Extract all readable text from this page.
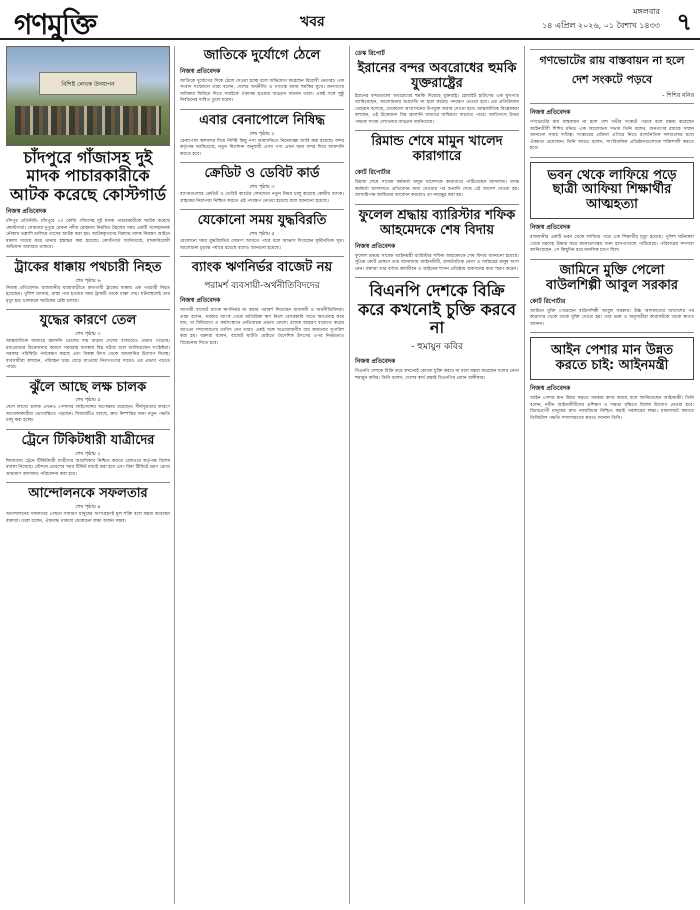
গণমুক্তি	খবর
মঙ্গলবার
১৪ এপ্রিল ২০২৬, ০১ বৈশাখ ১৪৩৩ ৭
বিশিষ্ট লেখক উদযাপন
চাঁদপুরে গাঁজাসহ দুই মাদক পাচারকারীকে আটক করেছে কোস্টগার্ড
নিজস্ব প্রতিবেদক

চাঁদপুর প্রতিনিধি: চাঁদপুরে ১০ কেজি গাঁজাসহ দুই মাদক পাচারকারীকে আটক করেছে কোস্টগার্ড। সোমবার দুপুরে মেঘনা নদীর মোহনায় নিয়মিত টহলের সময় একটি সন্দেহজনক নৌকায় তল্লাশি চালিয়ে তাদের আটক করা হয়। আটককৃতদের বিরুদ্ধে মাদক নিয়ন্ত্রণ আইনে মামলা দায়ের করে থানায় হস্তান্তর করা হয়েছে। কোস্টগার্ড জানিয়েছে, মাদকবিরোধী অভিযান অব্যাহত থাকবে।

ট্রাকের ধাক্কায় পথচারী নিহত
শেষ পৃষ্ঠায় ৬

নিজস্ব প্রতিবেদক: রাজধানীর যাত্রাবাড়ীতে দ্রুতগামী ট্রাকের ধাক্কায় এক পথচারী নিহত হয়েছেন। পুলিশ জানায়, রাস্তা পার হওয়ার সময় ট্রাকটি তাকে ধাক্কা দেয়। ঘটনাস্থলেই তার মৃত্যু হয়। চালককে আটকের চেষ্টা চলছে।

যুদ্ধের কারণে তেল
শেষ পৃষ্ঠায় ৩

আন্তর্জাতিক বাজারে জ্বালানি তেলের দাম বাড়ায় দেশের বাজারেও প্রভাব পড়েছে। মধ্যপ্রাচ্যের উত্তেজনার কারণে সরবরাহ ব্যবস্থায় বিঘ্ন ঘটছে বলে জানিয়েছেন সংশ্লিষ্টরা। সরকার পরিস্থিতি পর্যবেক্ষণ করছে এবং বিকল্প উৎস থেকে আমদানির উদ্যোগ নিচ্ছে। ব্যবসায়ীরা বলছেন, পরিবহন খরচ বেড়ে যাওয়ায় নিত্যপণ্যের দামেও এর প্রভাব পড়তে পারে।

ঝুঁলে আছে লক্ষ চালক
শেষ পৃষ্ঠায় ৫

দেশে লাখো চালক এখনও পেশাদার লাইসেন্সের অপেক্ষায় রয়েছেন। দীর্ঘসূত্রতার কারণে আবেদনকারীরা ভোগান্তিতে পড়ছেন। বিআরটিএ বলছে, দ্রুত নিষ্পত্তির জন্য নতুন পদ্ধতি চালু করা হচ্ছে।

ট্রেনে টিকিটধারী যাত্রীদের
শেষ পৃষ্ঠায় ২

ঈদযাত্রায় ট্রেনে টিকিটধারী যাত্রীদের অগ্রাধিকার নিশ্চিত করতে রেলওয়ে কর্তৃপক্ষ বিশেষ ব্যবস্থা নিয়েছে। স্টেশনে প্রবেশের সময় টিকিট যাচাই করা হবে এবং বিনা টিকিটে ভ্রমণ রোধে ভ্রাম্যমাণ আদালত পরিচালনা করা হবে।

আন্দোলনকে সফলতার
শেষ পৃষ্ঠায় ৪

আন্দোলনের সফলতার পেছনে সাধারণ মানুষের অংশগ্রহণই মূল শক্তি বলে মন্তব্য করেছেন বক্তারা। তারা বলেন, ঐক্যবদ্ধ থাকলে যেকোনো লক্ষ্য অর্জন সম্ভব।

জাতিকে দুর্যোগে ঠেলে
নিজস্ব প্রতিবেদক

জাতিকে দুর্যোগের দিকে ঠেলে দেওয়া হচ্ছে বলে অভিযোগ করেছেন বিরোধী নেতারা। এক সংবাদ সম্মেলনে তারা বলেন, দেশের অর্থনীতি ও গণতন্ত্র আজ হুমকির মুখে। জনগণের অধিকার ফিরিয়ে দিতে সবাইকে ঐক্যবদ্ধ হওয়ার আহ্বান জানান তারা। একই সঙ্গে সুষ্ঠু নির্বাচনের দাবিও তুলে ধরেন।

এবার বেনাপোলে নিষিদ্ধ
শেষ পৃষ্ঠায় ২

বেনাপোল স্থলবন্দর দিয়ে নির্দিষ্ট কিছু পণ্য আমদানিতে নিষেধাজ্ঞা জারি করা হয়েছে। বন্দর কর্তৃপক্ষ জানিয়েছে, নতুন নির্দেশনা অনুযায়ী এসব পণ্য এখন অন্য বন্দর দিয়ে আমদানি করতে হবে।

ক্রেডিট ও ডেবিট কার্ড
শেষ পৃষ্ঠায় ৩

ব্যাংকগুলোর ক্রেডিট ও ডেবিট কার্ডের লেনদেনে নতুন নিয়ম চালু করেছে কেন্দ্রীয় ব্যাংক। গ্রাহকের নিরাপত্তা নিশ্চিত করতে এই পদক্ষেপ নেওয়া হয়েছে বলে জানানো হয়েছে।

যেকোনো সময় যুদ্ধবিরতি
শেষ পৃষ্ঠায় ৫

যেকোনো সময় যুদ্ধবিরতির ঘোষণা আসতে পারে বলে আভাস দিয়েছেন কূটনৈতিক সূত্র। আলোচনা চূড়ান্ত পর্যায়ে রয়েছে বলেও জানানো হয়েছে।

ব্যাংক ঋণনির্ভর বাজেট নয়
পরামর্শ ব্যবসায়ী-অর্থনীতিবিদদের
নিজস্ব প্রতিবেদক

আগামী বাজেট ব্যাংক ঋণনির্ভর না করার পরামর্শ দিয়েছেন ব্যবসায়ী ও অর্থনীতিবিদরা। তারা বলেন, সরকার ব্যাংক থেকে অতিরিক্ত ঋণ নিলে বেসরকারি খাতে ঋণপ্রবাহ কমে যায়, যা বিনিয়োগ ও কর্মসংস্থানে নেতিবাচক প্রভাব ফেলে। রাজস্ব আহরণ বাড়াতে করের আওতা সম্প্রসারণের তাগিদ দেন তারা। একই সঙ্গে অপ্রয়োজনীয় ব্যয় কমানোর সুপারিশ করা হয়। বক্তারা বলেন, বাজেট ঘাটতি মেটাতে বৈদেশিক উৎসের ওপর নির্ভরতাও বিবেচনায় নিতে হবে।

ডেস্ক রিপোর্ট
ইরানের বন্দর অবরোধের হুমকি যুক্তরাষ্ট্রের

ইরানের বন্দরগুলো অবরোধের হুমকি দিয়েছে যুক্তরাষ্ট্র। হোয়াইট হাউসের এক মুখপাত্র জানিয়েছেন, আলোচনায় অগ্রগতি না হলে কঠোর পদক্ষেপ নেওয়া হবে। এর প্রতিক্রিয়ায় তেহরান বলেছে, যেকোনো আগ্রাসনের উপযুক্ত জবাব দেওয়া হবে। আন্তর্জাতিক বিশ্লেষকরা বলছেন, এই উত্তেজনা বিশ্ব জ্বালানি বাজারে অস্থিরতা বাড়াতে পারে। জাতিসংঘ উভয় পক্ষকে সংযম দেখানোর আহ্বান জানিয়েছে।

রিমান্ড শেষে মামুন খালেদ কারাগারে
কোর্ট রিপোর্টার

রিমান্ড শেষে সাবেক কর্মকর্তা মামুন খালেদকে কারাগারে পাঠিয়েছেন আদালত। তদন্ত কর্মকর্তা আদালতে প্রতিবেদন জমা দেওয়ার পর শুনানি শেষে এই আদেশ দেওয়া হয়। আসামিপক্ষ জামিনের আবেদন করলেও তা নামঞ্জুর করা হয়।

ফুলেল শ্রদ্ধায় ব্যারিস্টার শফিক আহমেদকে শেষ বিদায়
নিজস্ব প্রতিবেদক

ফুলেল শ্রদ্ধায় সাবেক আইনমন্ত্রী ব্যারিস্টার শফিক আহমেদকে শেষ বিদায় জানানো হয়েছে। সুপ্রিম কোর্ট প্রাঙ্গণে তার জানাজায় আইনজীবী, রাজনৈতিক নেতা ও সর্বস্তরের মানুষ অংশ নেন। বক্তারা তার বর্ণাঢ্য কর্মজীবন ও আইনের শাসন প্রতিষ্ঠায় অবদানের কথা স্মরণ করেন।

বিএনপি দেশকে বিক্রি করে কখনোই চুক্তি করবে না
- হুমায়ুন কবির
নিজস্ব প্রতিবেদক

বিএনপি দেশকে বিক্রি করে কখনোই কোনো চুক্তি করবে না বলে মন্তব্য করেছেন দলের নেতা হুমায়ুন কবির। তিনি বলেন, দেশের স্বার্থ রক্ষাই বিএনপির প্রধান অঙ্গীকার।

গণভোটের রায় বাস্তবায়ন না হলে দেশ সংকটে পড়বে
- শিশির মনির
নিজস্ব প্রতিবেদক

গণভোটের রায় বাস্তবায়ন না হলে দেশ গভীর সংকটে পড়বে বলে মন্তব্য করেছেন আইনজীবী শিশির মনির। এক আলোচনা সভায় তিনি বলেন, জনগণের রায়কে সম্মান জানানো সবার দায়িত্ব। সংস্কারের প্রক্রিয়া এগিয়ে নিতে রাজনৈতিক দলগুলোর মধ্যে ঐকমত্য প্রয়োজন। তিনি আরও বলেন, সাংবিধানিক প্রতিষ্ঠানগুলোকে শক্তিশালী করতে হবে।

ভবন থেকে লাফিয়ে পড়ে ছাত্রী আফিয়া শিক্ষার্থীর আত্মহত্যা
নিজস্ব প্রতিবেদক

রাজধানীর একটি ভবন থেকে লাফিয়ে পড়ে এক শিক্ষার্থীর মৃত্যু হয়েছে। পুলিশ ঘটনাস্থল থেকে মরদেহ উদ্ধার করে ময়নাতদন্তের জন্য হাসপাতালে পাঠিয়েছে। পরিবারের সদস্যরা জানিয়েছেন, সে কিছুদিন ধরে মানসিক চাপে ছিল।

জামিনে মুক্তি পেলো বাউলশিল্পী আবুল সরকার
কোর্ট রিপোর্টার

জামিনে মুক্তি পেয়েছেন বাউলশিল্পী আবুল সরকার। উচ্চ আদালতের আদেশের পর কারাগার থেকে তাকে মুক্তি দেওয়া হয়। তার ভক্ত ও অনুসারীরা কারাফটকে তাকে স্বাগত জানান।

আইন পেশার মান উন্নত করতে চাই: আইনমন্ত্রী
নিজস্ব প্রতিবেদক

আইন পেশার মান উন্নত করতে সরকার কাজ করছে বলে জানিয়েছেন আইনমন্ত্রী। তিনি বলেন, নবীন আইনজীবীদের প্রশিক্ষণ ও দক্ষতা বৃদ্ধিতে বিশেষ উদ্যোগ নেওয়া হবে। বিচারপ্রার্থী মানুষের দ্রুত ন্যায়বিচার নিশ্চিত করাই সরকারের লক্ষ্য। মামলাজট কমাতে ডিজিটাল পদ্ধতি সম্প্রসারণের কথাও জানান তিনি।
